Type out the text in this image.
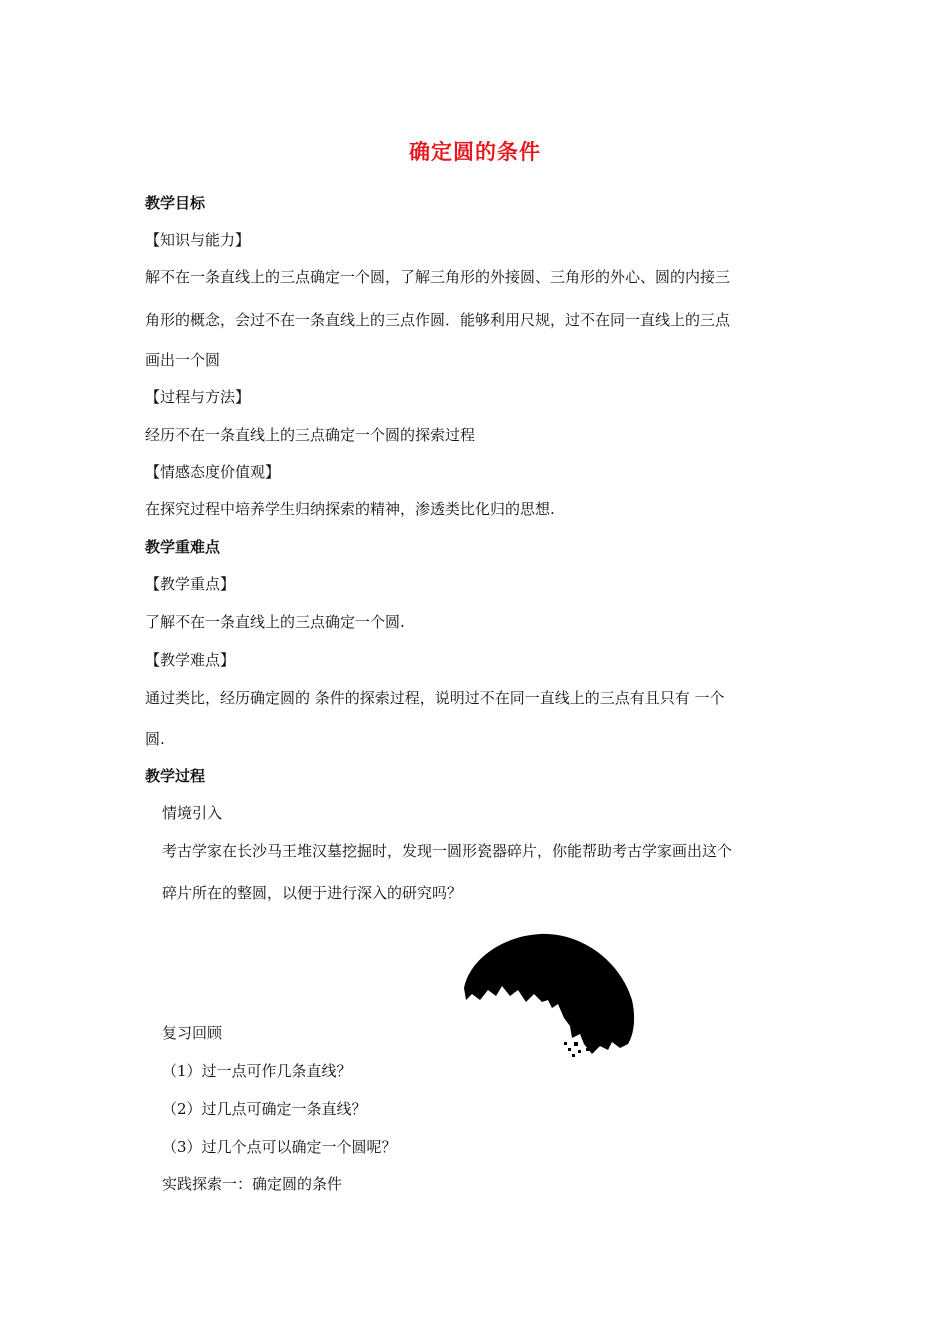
确定圆的条件
教学目标
【知识与能力】
解不在一条直线上的三点确定一个圆，了解三角形的外接圆、三角形的外心、圆的内接三
角形的概念，会过不在一条直线上的三点作圆．能够利用尺规，过不在同一直线上的三点
画出一个圆
【过程与方法】
经历不在一条直线上的三点确定一个圆的探索过程
【情感态度价值观】
在探究过程中培养学生归纳探索的精神，渗透类比化归的思想.
教学重难点
【教学重点】
了解不在一条直线上的三点确定一个圆.
【教学难点】
通过类比，经历确定圆的 条件的探索过程，说明过不在同一直线上的三点有且只有 一个
圆.
教学过程
情境引入
考古学家在长沙马王堆汉墓挖掘时，发现一圆形瓷器碎片，你能帮助考古学家画出这个
碎片所在的整圆，以便于进行深入的研究吗？
复习回顾
（1）过一点可作几条直线？
（2）过几点可确定一条直线？
（3）过几个点可以确定一个圆呢？
实践探索一：确定圆的条件
